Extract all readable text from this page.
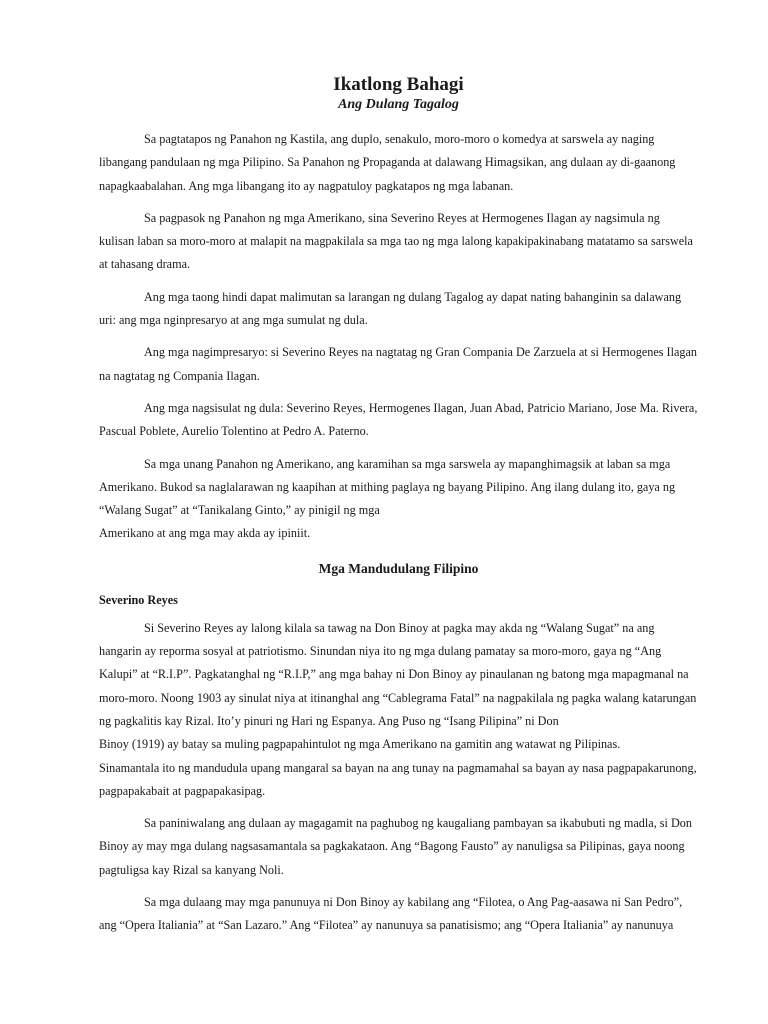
Ikatlong Bahagi
Ang Dulang Tagalog

Sa pagtatapos ng Panahon ng Kastila, ang duplo, senakulo, moro-moro o komedya at sarswela ay naging libangang pandulaan ng mga Pilipino. Sa Panahon ng Propaganda at dalawang Himagsikan, ang dulaan ay di-gaanong napagkaabalahan. Ang mga libangang ito ay nagpatuloy pagkatapos ng mga labanan.

Sa pagpasok ng Panahon ng mga Amerikano, sina Severino Reyes at Hermogenes Ilagan ay nagsimula ng kulisan laban sa moro-moro at malapit na magpakilala sa mga tao ng mga lalong kapakipakinabang matatamo sa sarswela at tahasang drama.

Ang mga taong hindi dapat malimutan sa larangan ng dulang Tagalog ay dapat nating bahanginin sa dalawang uri: ang mga nginpresaryo at ang mga sumulat ng dula.

Ang mga nagimpresaryo: si Severino Reyes na nagtatag ng Gran Compania De Zarzuela at si Hermogenes Ilagan na nagtatag ng Compania Ilagan.

Ang mga nagsisulat ng dula: Severino Reyes, Hermogenes Ilagan, Juan Abad, Patricio Mariano, Jose Ma. Rivera, Pascual Poblete, Aurelio Tolentino at Pedro A. Paterno.

Sa mga unang Panahon ng Amerikano, ang karamihan sa mga sarswela ay mapanghimagsik at laban sa mga Amerikano. Bukod sa naglalarawan ng kaapihan at mithing paglaya ng bayang Pilipino. Ang ilang dulang ito, gaya ng “Walang Sugat” at “Tanikalang Ginto,” ay pinigil ng mga
Amerikano at ang mga may akda ay ipiniit.

Mga Mandudulang Filipino
Severino Reyes

Si Severino Reyes ay lalong kilala sa tawag na Don Binoy at pagka may akda ng “Walang Sugat” na ang hangarin ay reporma sosyal at patriotismo. Sinundan niya ito ng mga dulang pamatay sa moro-moro, gaya ng “Ang Kalupi” at “R.I.P”. Pagkatanghal ng “R.I.P,” ang mga bahay ni Don Binoy ay pinaulanan ng batong mga mapagmanal na moro-moro. Noong 1903 ay sinulat niya at itinanghal ang “Cablegrama Fatal” na nagpakilala ng pagka walang katarungan ng pagkalitis kay Rizal. Ito’y pinuri ng Hari ng Espanya. Ang Puso ng “Isang Pilipina” ni Don
Binoy (1919) ay batay sa muling pagpapahintulot ng mga Amerikano na gamitin ang watawat ng Pilipinas.
Sinamantala ito ng mandudula upang mangaral sa bayan na ang tunay na pagmamahal sa bayan ay nasa pagpapakarunong, pagpapakabait at pagpapakasipag.

Sa paniniwalang ang dulaan ay magagamit na paghubog ng kaugaliang pambayan sa ikabubuti ng madla, si Don Binoy ay may mga dulang nagsasamantala sa pagkakataon. Ang “Bagong Fausto” ay nanuligsa sa Pilipinas, gaya noong pagtuligsa kay Rizal sa kanyang Noli.

Sa mga dulaang may mga panunuya ni Don Binoy ay kabilang ang “Filotea, o Ang Pag-aasawa ni San Pedro”, ang “Opera Italiania” at “San Lazaro.” Ang “Filotea” ay nanunuya sa panatisismo; ang “Opera Italiania” ay nanunuya
